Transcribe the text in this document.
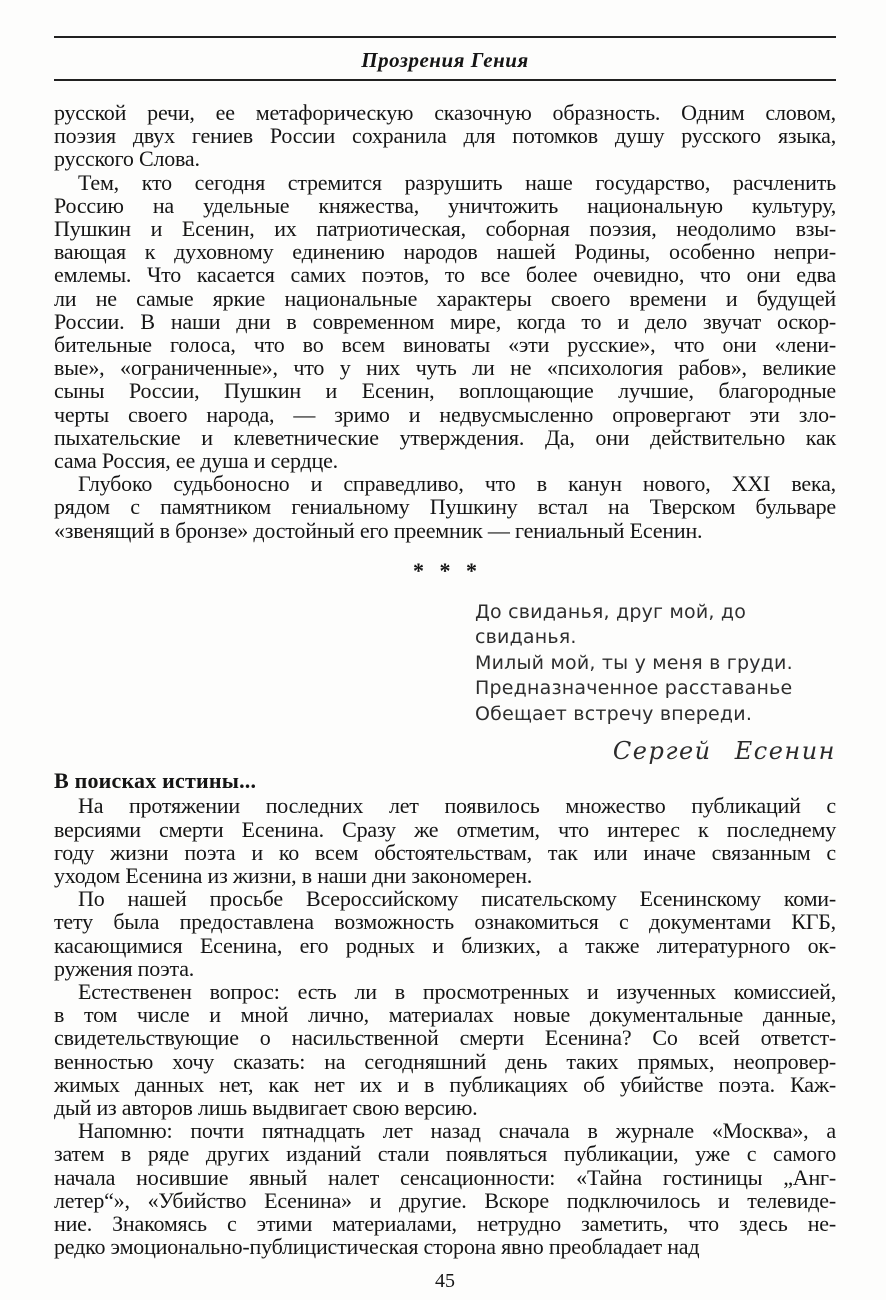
Прозрения Гения
русской речи, ее метафорическую сказочную образность. Одним словом,
поэзия двух гениев России сохранила для потомков душу русского языка,
русского Слова.
Тем, кто сегодня стремится разрушить наше государство, расчленить
Россию на удельные княжества, уничтожить национальную культуру,
Пушкин и Есенин, их патриотическая, соборная поэзия, неодолимо взы-
вающая к духовному единению народов нашей Родины, особенно непри-
емлемы. Что касается самих поэтов, то все более очевидно, что они едва
ли не самые яркие национальные характеры своего времени и будущей
России. В наши дни в современном мире, когда то и дело звучат оскор-
бительные голоса, что во всем виноваты «эти русские», что они «лени-
вые», «ограниченные», что у них чуть ли не «психология рабов», великие
сыны России, Пушкин и Есенин, воплощающие лучшие, благородные
черты своего народа, — зримо и недвусмысленно опровергают эти зло-
пыхательские и клеветнические утверждения. Да, они действительно как
сама Россия, ее душа и сердце.
Глубоко судьбоносно и справедливо, что в канун нового, XXI века,
рядом с памятником гениальному Пушкину встал на Тверском бульваре
«звенящий в бронзе» достойный его преемник — гениальный Есенин.
* * *
До свиданья, друг мой, до свиданья.
Милый мой, ты у меня в груди.
Предназначенное расставанье
Обещает встречу впереди.
Сергей Есенин
В поисках истины...
На протяжении последних лет появилось множество публикаций с
версиями смерти Есенина. Сразу же отметим, что интерес к последнему
году жизни поэта и ко всем обстоятельствам, так или иначе связанным с
уходом Есенина из жизни, в наши дни закономерен.
По нашей просьбе Всероссийскому писательскому Есенинскому коми-
тету была предоставлена возможность ознакомиться с документами КГБ,
касающимися Есенина, его родных и близких, а также литературного ок-
ружения поэта.
Естественен вопрос: есть ли в просмотренных и изученных комиссией,
в том числе и мной лично, материалах новые документальные данные,
свидетельствующие о насильственной смерти Есенина? Со всей ответст-
венностью хочу сказать: на сегодняшний день таких прямых, неопровер-
жимых данных нет, как нет их и в публикациях об убийстве поэта. Каж-
дый из авторов лишь выдвигает свою версию.
Напомню: почти пятнадцать лет назад сначала в журнале «Москва», а
затем в ряде других изданий стали появляться публикации, уже с самого
начала носившие явный налет сенсационности: «Тайна гостиницы „Анг-
летер“», «Убийство Есенина» и другие. Вскоре подключилось и телевиде-
ние. Знакомясь с этими материалами, нетрудно заметить, что здесь не-
редко эмоционально-публицистическая сторона явно преобладает над
45
